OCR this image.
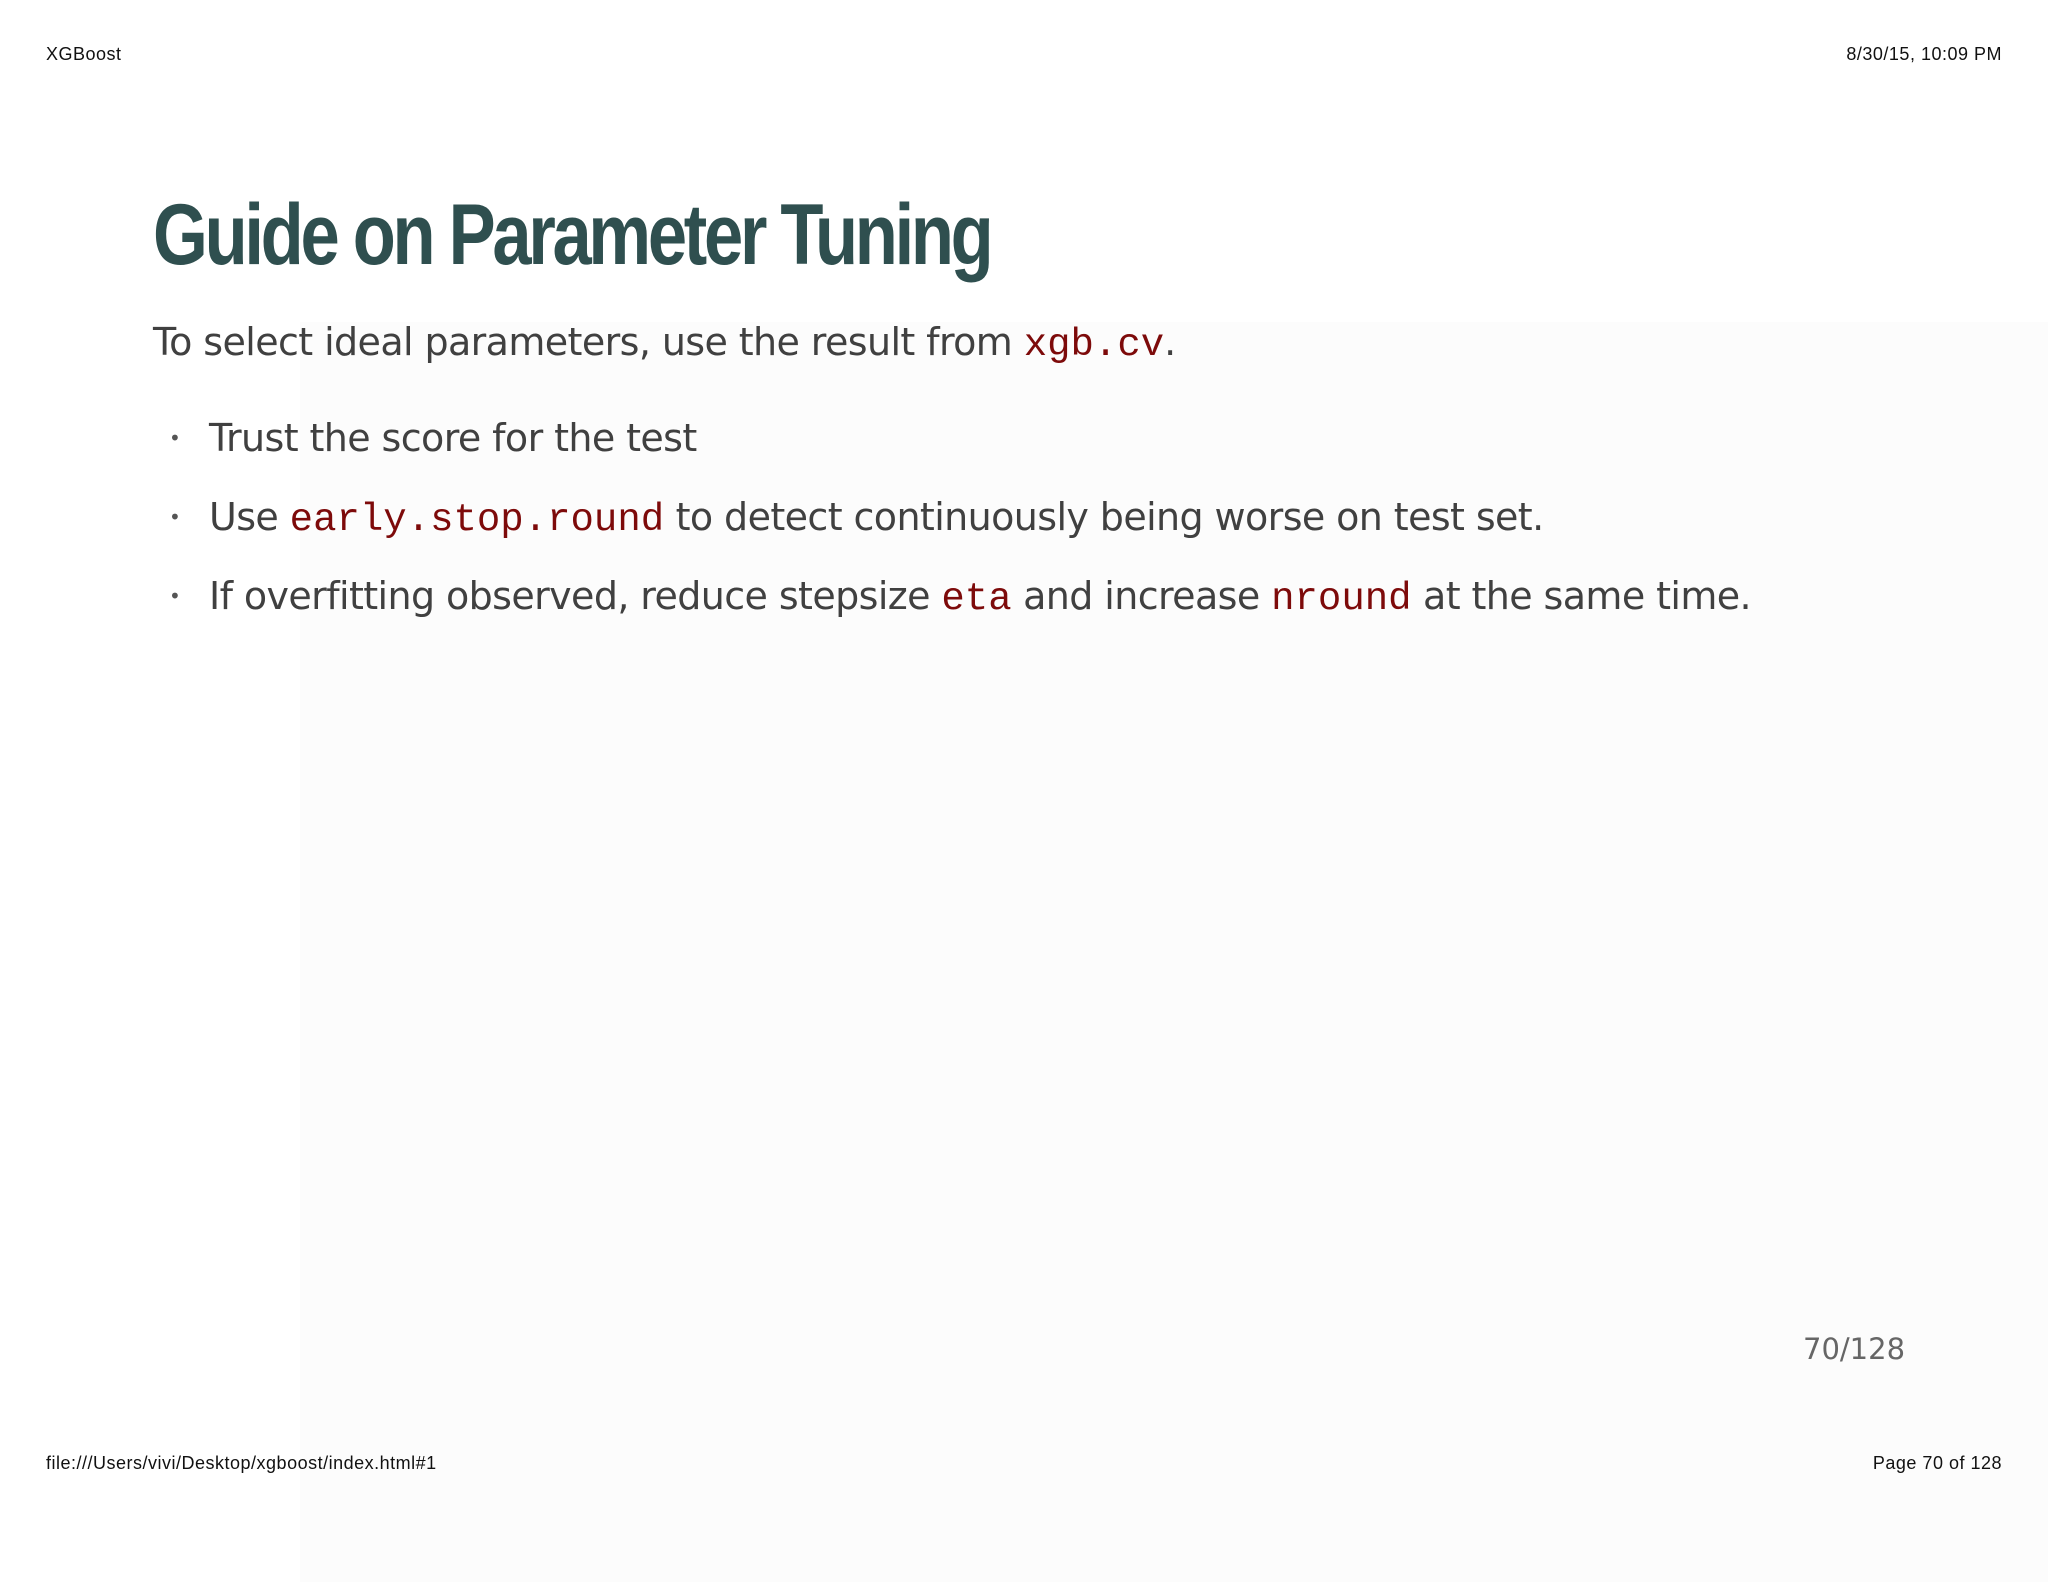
XGBoost	8/30/15, 10:09 PM
Guide on Parameter Tuning

To select ideal parameters, use the result from xgb.cv.

• Trust the score for the test
• Use early.stop.round to detect continuously being worse on test set.
• If overfitting observed, reduce stepsize eta and increase nround at the same time.
70/128
file:///Users/vivi/Desktop/xgboost/index.html#1	Page 70 of 128
